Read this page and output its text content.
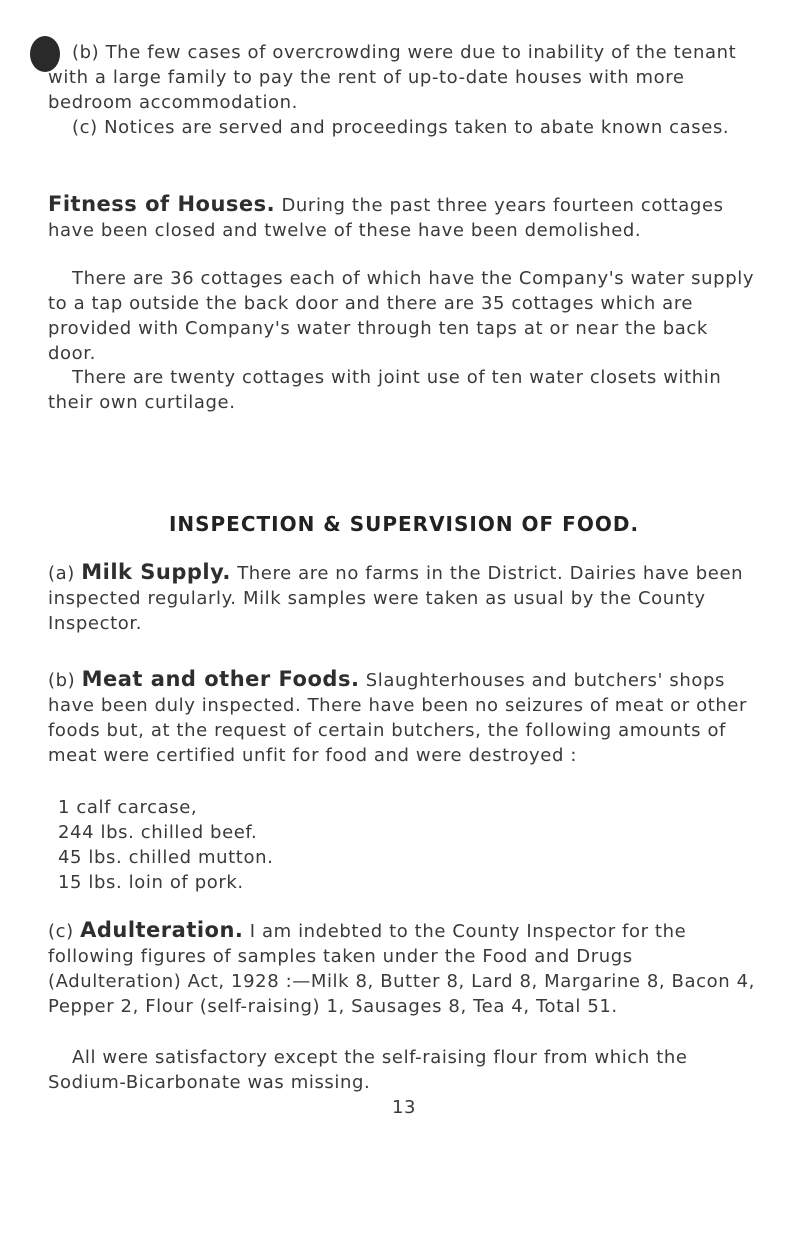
(b) The few cases of overcrowding were due to inability of the tenant with a large family to pay the rent of up-to-date houses with more bedroom accommodation.

(c) Notices are served and proceedings taken to abate known cases.

Fitness of Houses. During the past three years fourteen cottages have been closed and twelve of these have been demolished.

There are 36 cottages each of which have the Company's water supply to a tap outside the back door and there are 35 cottages which are provided with Company's water through ten taps at or near the back door.

There are twenty cottages with joint use of ten water closets within their own curtilage.

INSPECTION & SUPERVISION OF FOOD.

(a) Milk Supply. There are no farms in the District. Dairies have been inspected regularly. Milk samples were taken as usual by the County Inspector.

(b) Meat and other Foods. Slaughterhouses and butchers' shops have been duly inspected. There have been no seizures of meat or other foods but, at the request of certain butchers, the following amounts of meat were certified unfit for food and were destroyed :

1 calf carcase,
244 lbs. chilled beef.
45 lbs. chilled mutton.
15 lbs. loin of pork.

(c) Adulteration. I am indebted to the County Inspector for the following figures of samples taken under the Food and Drugs (Adulteration) Act, 1928 :—Milk 8, Butter 8, Lard 8, Margarine 8, Bacon 4, Pepper 2, Flour (self-raising) 1, Sausages 8, Tea 4, Total 51.

All were satisfactory except the self-raising flour from which the Sodium-Bicarbonate was missing.

13
